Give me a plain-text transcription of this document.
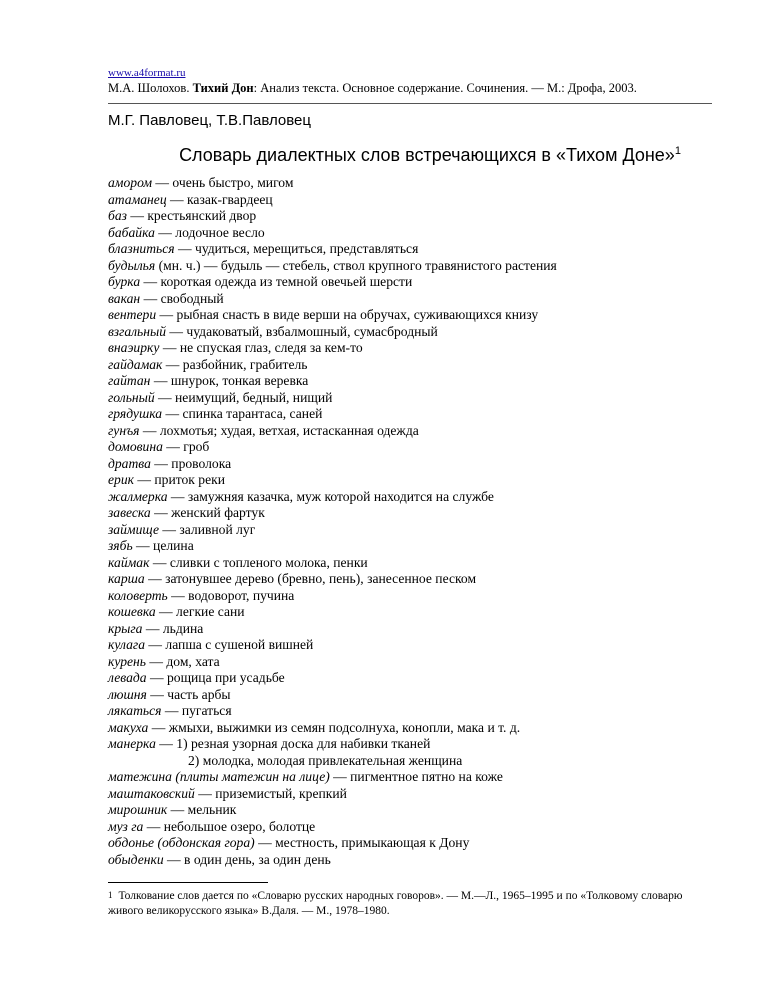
www.a4format.ru
М.А. Шолохов. Тихий Дон: Анализ текста. Основное содержание. Сочинения. — М.: Дрофа, 2003.
М.Г. Павловец, Т.В.Павловец
Словарь диалектных слов встречающихся в «Тихом Доне»$^1$
амором — очень быстро, мигом
атаманец — казак-гвардеец
баз — крестьянский двор
бабайка — лодочное весло
блазниться — чудиться, мерещиться, представляться
будылья (мн. ч.) — будыль — стебель, ствол крупного травянистого растения
бурка — короткая одежда из темной овечьей шерсти
вакан — свободный
вентери — рыбная снасть в виде верши на обручах, суживающихся книзу
взгальный — чудаковатый, взбалмошный, сумасбродный
внаэирку — не спуская глаз, следя за кем-то
гайдамак — разбойник, грабитель
гайтан — шнурок, тонкая веревка
гольный — неимущий, бедный, нищий
грядушка — спинка тарантаса, саней
гунъя — лохмотья; худая, ветхая, истасканная одежда
домовина — гроб
дратва — проволока
ерик — приток реки
жалмерка — замужняя казачка, муж которой находится на службе
завеска — женский фартук
займище — заливной луг
зябь — целина
каймак — сливки с топленого молока, пенки
карша — затонувшее дерево (бревно, пень), занесенное песком
коловерть — водоворот, пучина
кошевка — легкие сани
крыга — льдина
кулага — лапша с сушеной вишней
курень — дом, хата
левада — рощица при усадьбе
люшня — часть арбы
лякаться — пугаться
макуха — жмыхи, выжимки из семян подсолнуха, конопли, мака и т. д.
манерка — 1) резная узорная доска для набивки тканей
2) молодка, молодая привлекательная женщина
матежина (плиты матежин на лице) — пигментное пятно на коже
маштаковский — приземистый, крепкий
мирошник — мельник
муз га — небольшое озеро, болотце
обдонье (обдонская гора) — местность, примыкающая к Дону
обыденки — в один день, за один день
$^1$ Толкование слов дается по «Словарю русских народных говоров». — М.—Л., 1965–1995 и по «Толковому словарю живого великорусского языка» В.Даля. — М., 1978–1980.
